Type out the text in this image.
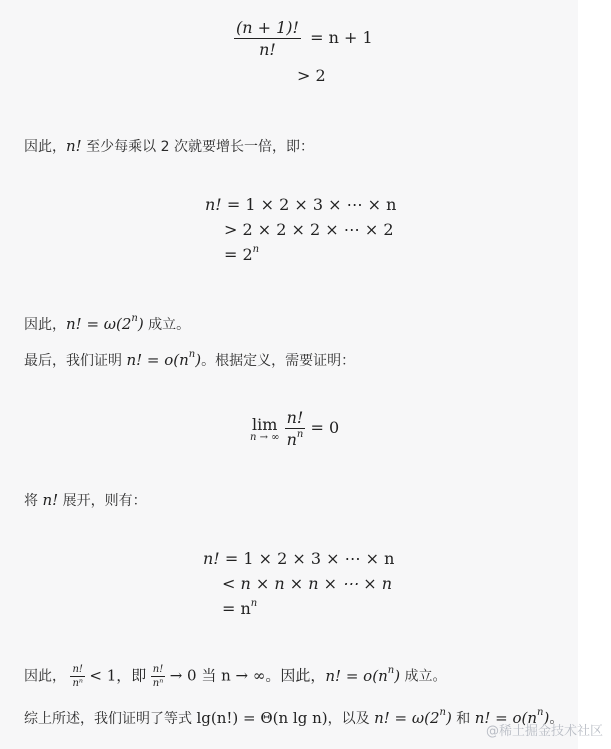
$\frac{(n + 1)!}{n!} = n + 1$
> 2
因此，n! 至少每乘以 2 次就要增长一倍，即：
n! = 1 × 2 × 3 × ⋯ × n
> 2 × 2 × 2 × ⋯ × 2
= $2^n$
因此，n! = $\omega(2^n)$ 成立。
最后，我们证明 n! = $o(n^n)$。根据定义，需要证明：
lim
n → ∞
$\frac{n!}{n^n} = 0$
将 n! 展开，则有：
n! = 1 × 2 × 3 × ⋯ × n
< n × n × n × ⋯ × n
= $n^n$
因此， $\frac{n!}{\text{nⁿ}} < 1$，即 $\frac{n!}{\text{nⁿ}} \to 0$ 当 n → ∞。因此，n! = $o(n^n)$ 成立。
综上所述，我们证明了等式 lg(n!) = Θ(n lg n)，以及 n! = $\omega(2^n)$ 和 n! = $o(n^n)$。
@稀土掘金技术社区
